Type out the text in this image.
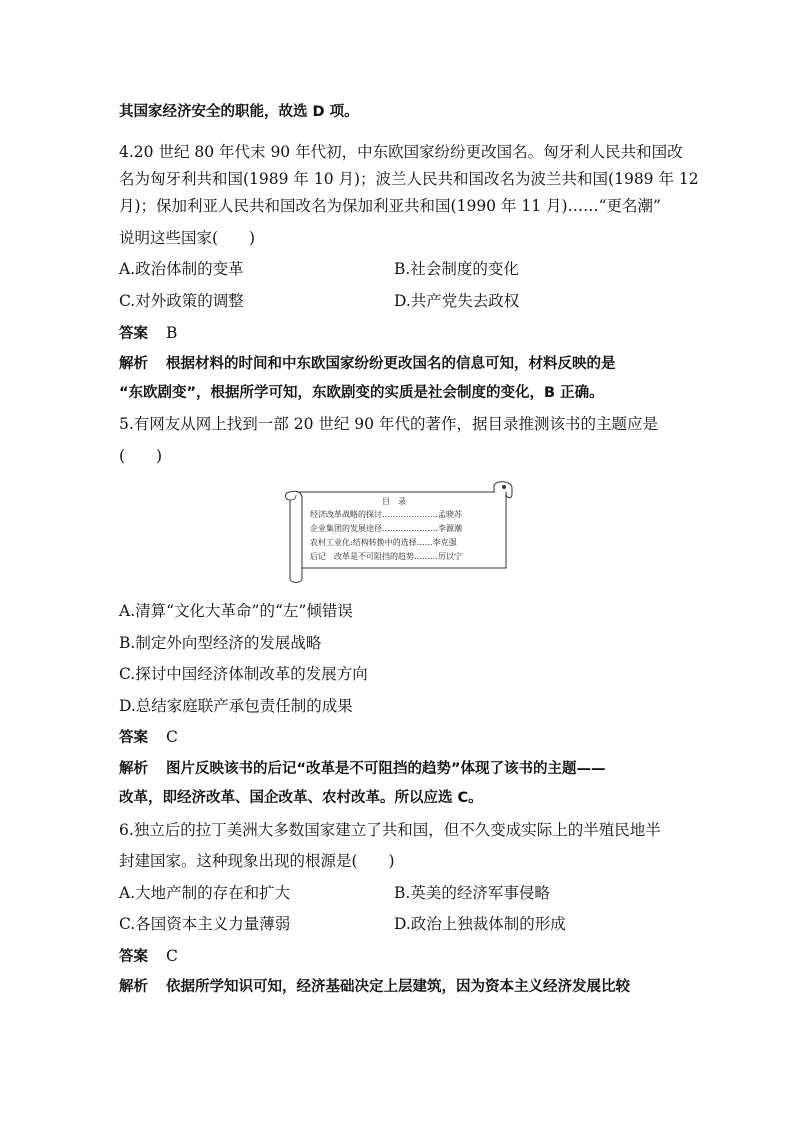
其国家经济安全的职能，故选 D 项。
4.20 世纪 80 年代末 90 年代初，中东欧国家纷纷更改国名。匈牙利人民共和国改
名为匈牙利共和国(1989 年 10 月)；波兰人民共和国改名为波兰共和国(1989 年 12
月)；保加利亚人民共和国改名为保加利亚共和国(1990 年 11 月)……“更名潮”
说明这些国家(　　)
A.政治体制的变革	B.社会制度的变化
C.对外政策的调整	D.共产党失去政权
答案 B
解析 根据材料的时间和中东欧国家纷纷更改国名的信息可知，材料反映的是
“东欧剧变”，根据所学可知，东欧剧变的实质是社会制度的变化，B 正确。
5.有网友从网上找到一部 20 世纪 90 年代的著作，据目录推测该书的主题应是
(　　)
目　录
经济改革战略的探讨…………………孟晓苏
企业集团的发展途径…………………李源潮
农村工业化:结构转换中的选择……李克强
后记　改革是不可阻挡的趋势………厉以宁
A.清算“文化大革命”的“左”倾错误
B.制定外向型经济的发展战略
C.探讨中国经济体制改革的发展方向
D.总结家庭联产承包责任制的成果
答案 C
解析 图片反映该书的后记“改革是不可阻挡的趋势”体现了该书的主题——
改革，即经济改革、国企改革、农村改革。所以应选 C。
6.独立后的拉丁美洲大多数国家建立了共和国，但不久变成实际上的半殖民地半
封建国家。这种现象出现的根源是(　　)
A.大地产制的存在和扩大	B.英美的经济军事侵略
C.各国资本主义力量薄弱	D.政治上独裁体制的形成
答案 C
解析 依据所学知识可知，经济基础决定上层建筑，因为资本主义经济发展比较
